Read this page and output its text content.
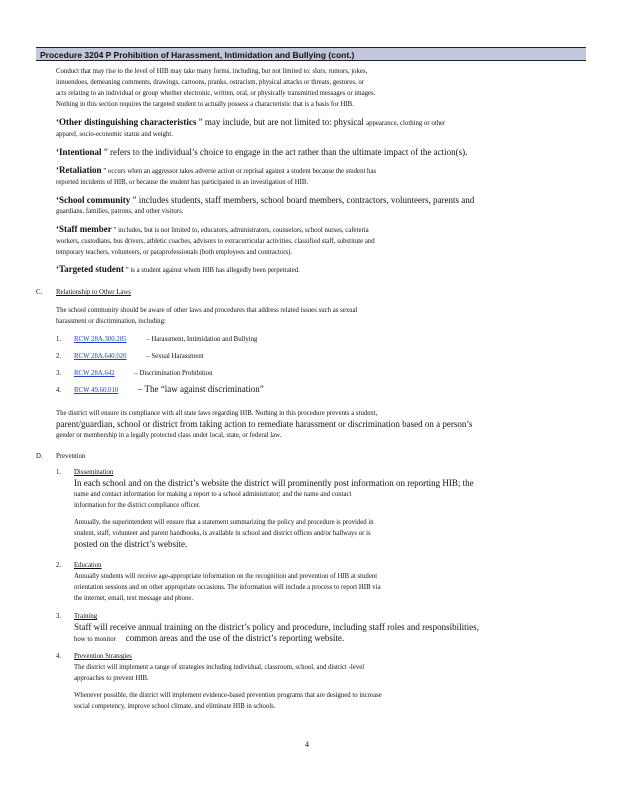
Procedure 3204 P Prohibition of Harassment, Intimidation and Bullying (cont.)
Conduct that may rise to the level of HIB may take many forms, including, but not limited to: slurs, rumors, jokes,
innuendoes, demeaning comments, drawings, cartoons, pranks, ostracism, physical attacks or threats, gestures, or
acts relating to an individual or group whether electronic, written, oral, or physically transmitted messages or images.
Nothing in this section requires the targeted student to actually possess a characteristic that is a basis for HIB.
‘Other distinguishing characteristics ” may include, but are not limited to: physical appearance, clothing or other
apparel, socio-economic status and weight.
‘Intentional ” refers to the individual’s choice to engage in the act rather than the ultimate impact of the action(s).
‘Retaliation ” occurs when an aggressor takes adverse action or reprisal against a student because the student has
reported incidents of HIB, or because the student has participated in an investigation of HIB.
‘School community ” includes students, staff members, school board members, contractors, volunteers, parents and
guardians, families, patrons, and other visitors.
‘Staff member ” includes, but is not limited to, educators, administrators, counselors, school nurses, cafeteria
workers, custodians, bus drivers, athletic coaches, advisors to extracurricular activities, classified staff, substitute and
temporary teachers, volunteers, or paraprofessionals (both employees and contractors).
‘Targeted student ” is a student against whom HIB has allegedly been perpetrated.
C. Relationship to Other Laws
The school community should be aware of other laws and procedures that address related issues such as sexual
harassment or discrimination, including:
1. RCW 28A.300.285	– Harassment, Intimidation and Bullying
2. RCW 28A.640.020	– Sexual Harassment
3. RCW 28A.642	– Discrimination Prohibition
4. RCW 49.60.010 – The “law against discrimination”
The district will ensure its compliance with all state laws regarding HIB. Nothing in this procedure prevents a student,
parent/guardian, school or district from taking action to remediate harassment or discrimination based on a person’s
gender or membership in a legally protected class under local, state, or federal law.
D. Prevention
1. Dissemination
In each school and on the district’s website the district will prominently post information on reporting HIB; the
name and contact information for making a report to a school administrator; and the name and contact
information for the district compliance officer.
Annually, the superintendent will ensure that a statement summarizing the policy and procedure is provided in
student, staff, volunteer and parent handbooks, is available in school and district offices and/or hallways or is
posted on the district’s website.
2. Education
Annually students will receive age-appropriate information on the recognition and prevention of HIB at student
orientation sessions and on other appropriate occasions. The information will include a process to report HIB via
the internet, email, text message and phone.
3. Training
Staff will receive annual training on the district’s policy and procedure, including staff roles and responsibilities,
how to monitor common areas and the use of the district’s reporting website.
4. Prevention Strategies
The district will implement a range of strategies including individual, classroom, school, and district -level
approaches to prevent HIB.
Whenever possible, the district will implement evidence-based prevention programs that are designed to increase
social competency, improve school climate, and eliminate HIB in schools.
4
